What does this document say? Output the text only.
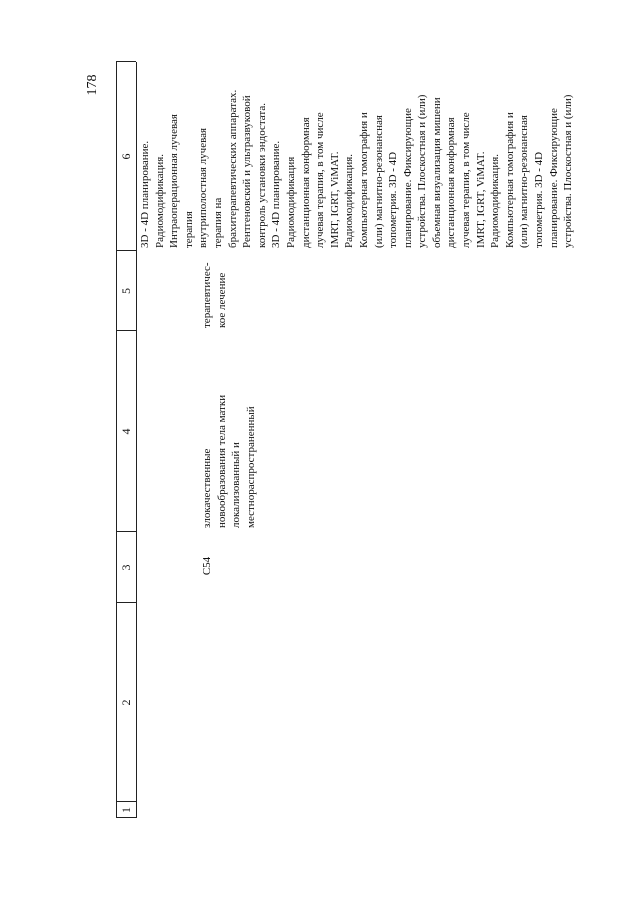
178
1
2
3
4
5
6
C54

злокачественные новообразования тела матки локализованный и местнораспространенный

терапевтичес- кое лечение

3D - 4D планирование. Радиомодификация. Интраоперационная лучевая терапия внутриполостная лучевая терапия на брахитерапевтических аппаратах. Рентгеновский и ультразвуковой контроль установки эндостата. 3D - 4D планирование. Радиомодификация дистанционная конформная лучевая терапия, в том числе IMRT, IGRT, ViMAT. Радиомодификация. Компьютерная томография и (или) магнитно-резонансная топометрия. 3D - 4D планирование. Фиксирующие устройства. Плоскостная и (или) объемная визуализация мишени дистанционная конформная лучевая терапия, в том числе IMRT, IGRT, ViMAT. Радиомодификация. Компьютерная томография и (или) магнитно-резонансная топометрия. 3D - 4D планирование. Фиксирующие устройства. Плоскостная и (или)
